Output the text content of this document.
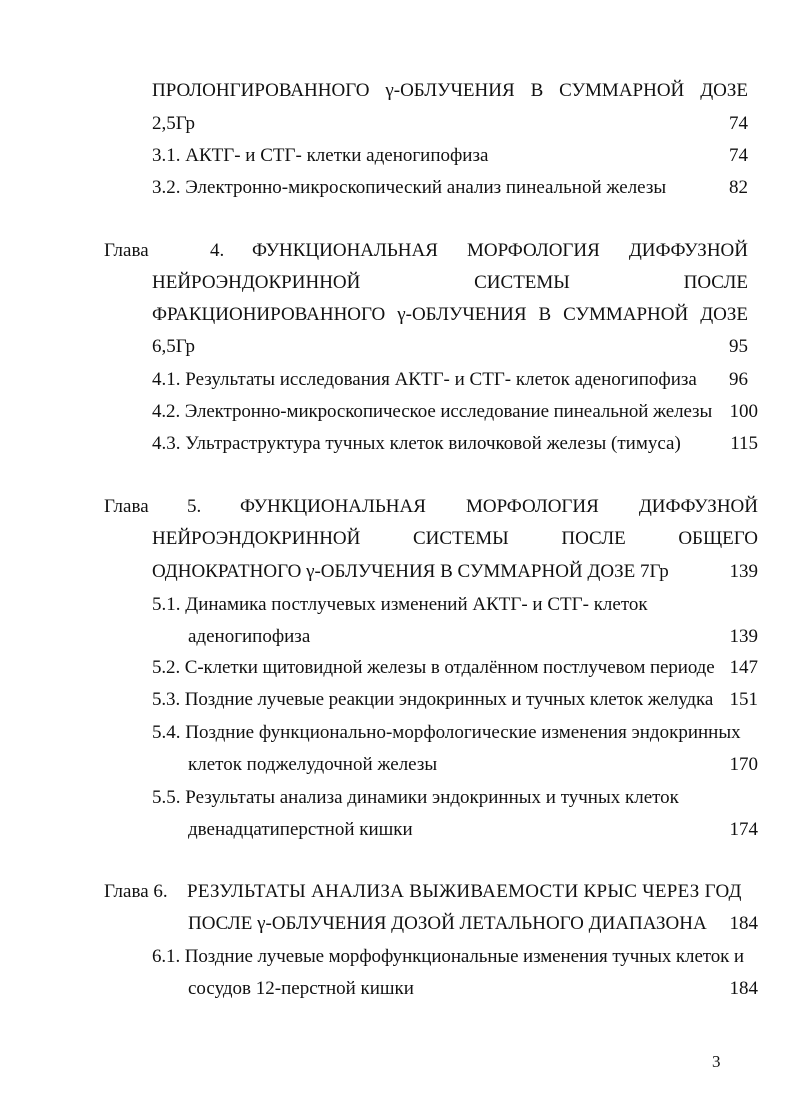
ПРОЛОНГИРОВАННОГО γ-ОБЛУЧЕНИЯ В СУММАРНОЙ ДОЗЕ
2,5Гр	74
3.1. АКТГ- и СТГ- клетки аденогипофиза	74
3.2. Электронно-микроскопический анализ пинеальной железы	82
Глава	4. ФУНКЦИОНАЛЬНАЯ МОРФОЛОГИЯ ДИФФУЗНОЙ
НЕЙРОЭНДОКРИННОЙ	СИСТЕМЫ	ПОСЛЕ
ФРАКЦИОНИРОВАННОГО γ-ОБЛУЧЕНИЯ В СУММАРНОЙ ДОЗЕ
6,5Гр	95
4.1. Результаты исследования АКТГ- и СТГ- клеток аденогипофиза 96
4.2. Электронно-микроскопическое исследование пинеальной железы 100
4.3. Ультраструктура тучных клеток вилочковой железы (тимуса)	115
Глава 5. ФУНКЦИОНАЛЬНАЯ МОРФОЛОГИЯ ДИФФУЗНОЙ
НЕЙРОЭНДОКРИННОЙ	СИСТЕМЫ	ПОСЛЕ	ОБЩЕГО
ОДНОКРАТНОГО γ-ОБЛУЧЕНИЯ В СУММАРНОЙ ДОЗЕ 7Гр	139
5.1. Динамика постлучевых изменений АКТГ- и СТГ- клеток
аденогипофиза	139
5.2. С-клетки щитовидной железы в отдалённом постлучевом периоде 147
5.3. Поздние лучевые реакции эндокринных и тучных клеток желудка 151
5.4. Поздние функционально-морфологические изменения эндокринных
клеток поджелудочной железы	170
5.5. Результаты анализа динамики эндокринных и тучных клеток
двенадцатиперстной кишки	174
Глава 6. РЕЗУЛЬТАТЫ АНАЛИЗА ВЫЖИВАЕМОСТИ КРЫС ЧЕРЕЗ ГОД
ПОСЛЕ γ-ОБЛУЧЕНИЯ ДОЗОЙ ЛЕТАЛЬНОГО ДИАПАЗОНА 184
6.1. Поздние лучевые морфофункциональные изменения тучных клеток и
сосудов 12-перстной кишки	184
3
